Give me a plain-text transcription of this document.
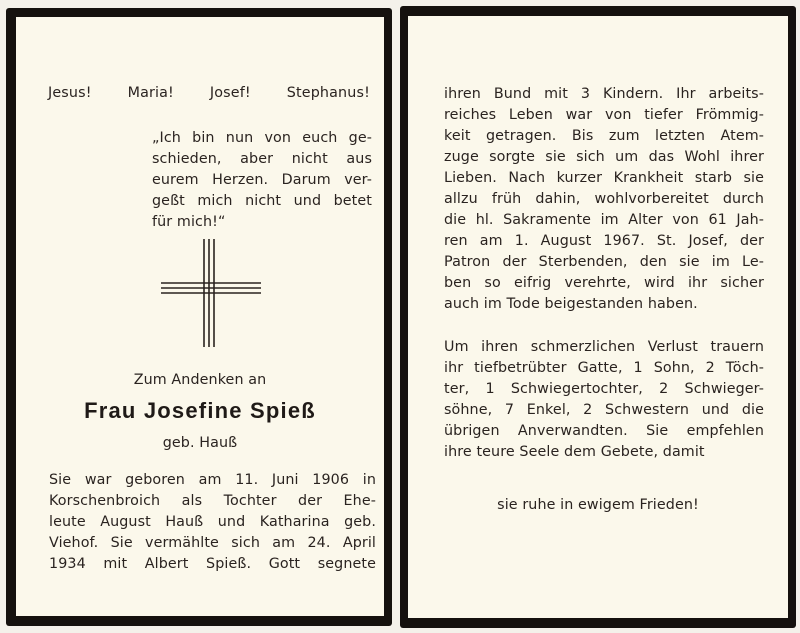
Jesus!	Maria!	Josef!	Stephanus!
„Ich bin nun von euch ge-
schieden, aber nicht aus
eurem Herzen. Darum ver-
geßt mich nicht und betet
für mich!“
Zum Andenken an
Frau Josefine Spieß
geb. Hauß
Sie war geboren am 11. Juni 1906 in
Korschenbroich als Tochter der Ehe-
leute August Hauß und Katharina geb.
Viehof. Sie vermählte sich am 24. April
1934 mit Albert Spieß. Gott segnete
ihren Bund mit 3 Kindern. Ihr arbeits-
reiches Leben war von tiefer Frömmig-
keit getragen. Bis zum letzten Atem-
zuge sorgte sie sich um das Wohl ihrer
Lieben. Nach kurzer Krankheit starb sie
allzu früh dahin, wohlvorbereitet durch
die hl. Sakramente im Alter von 61 Jah-
ren am 1. August 1967. St. Josef, der
Patron der Sterbenden, den sie im Le-
ben so eifrig verehrte, wird ihr sicher
auch im Tode beigestanden haben.
Um ihren schmerzlichen Verlust trauern
ihr tiefbetrübter Gatte, 1 Sohn, 2 Töch-
ter, 1 Schwiegertochter, 2 Schwieger-
söhne, 7 Enkel, 2 Schwestern und die
übrigen Anverwandten. Sie empfehlen
ihre teure Seele dem Gebete, damit
sie ruhe in ewigem Frieden!
